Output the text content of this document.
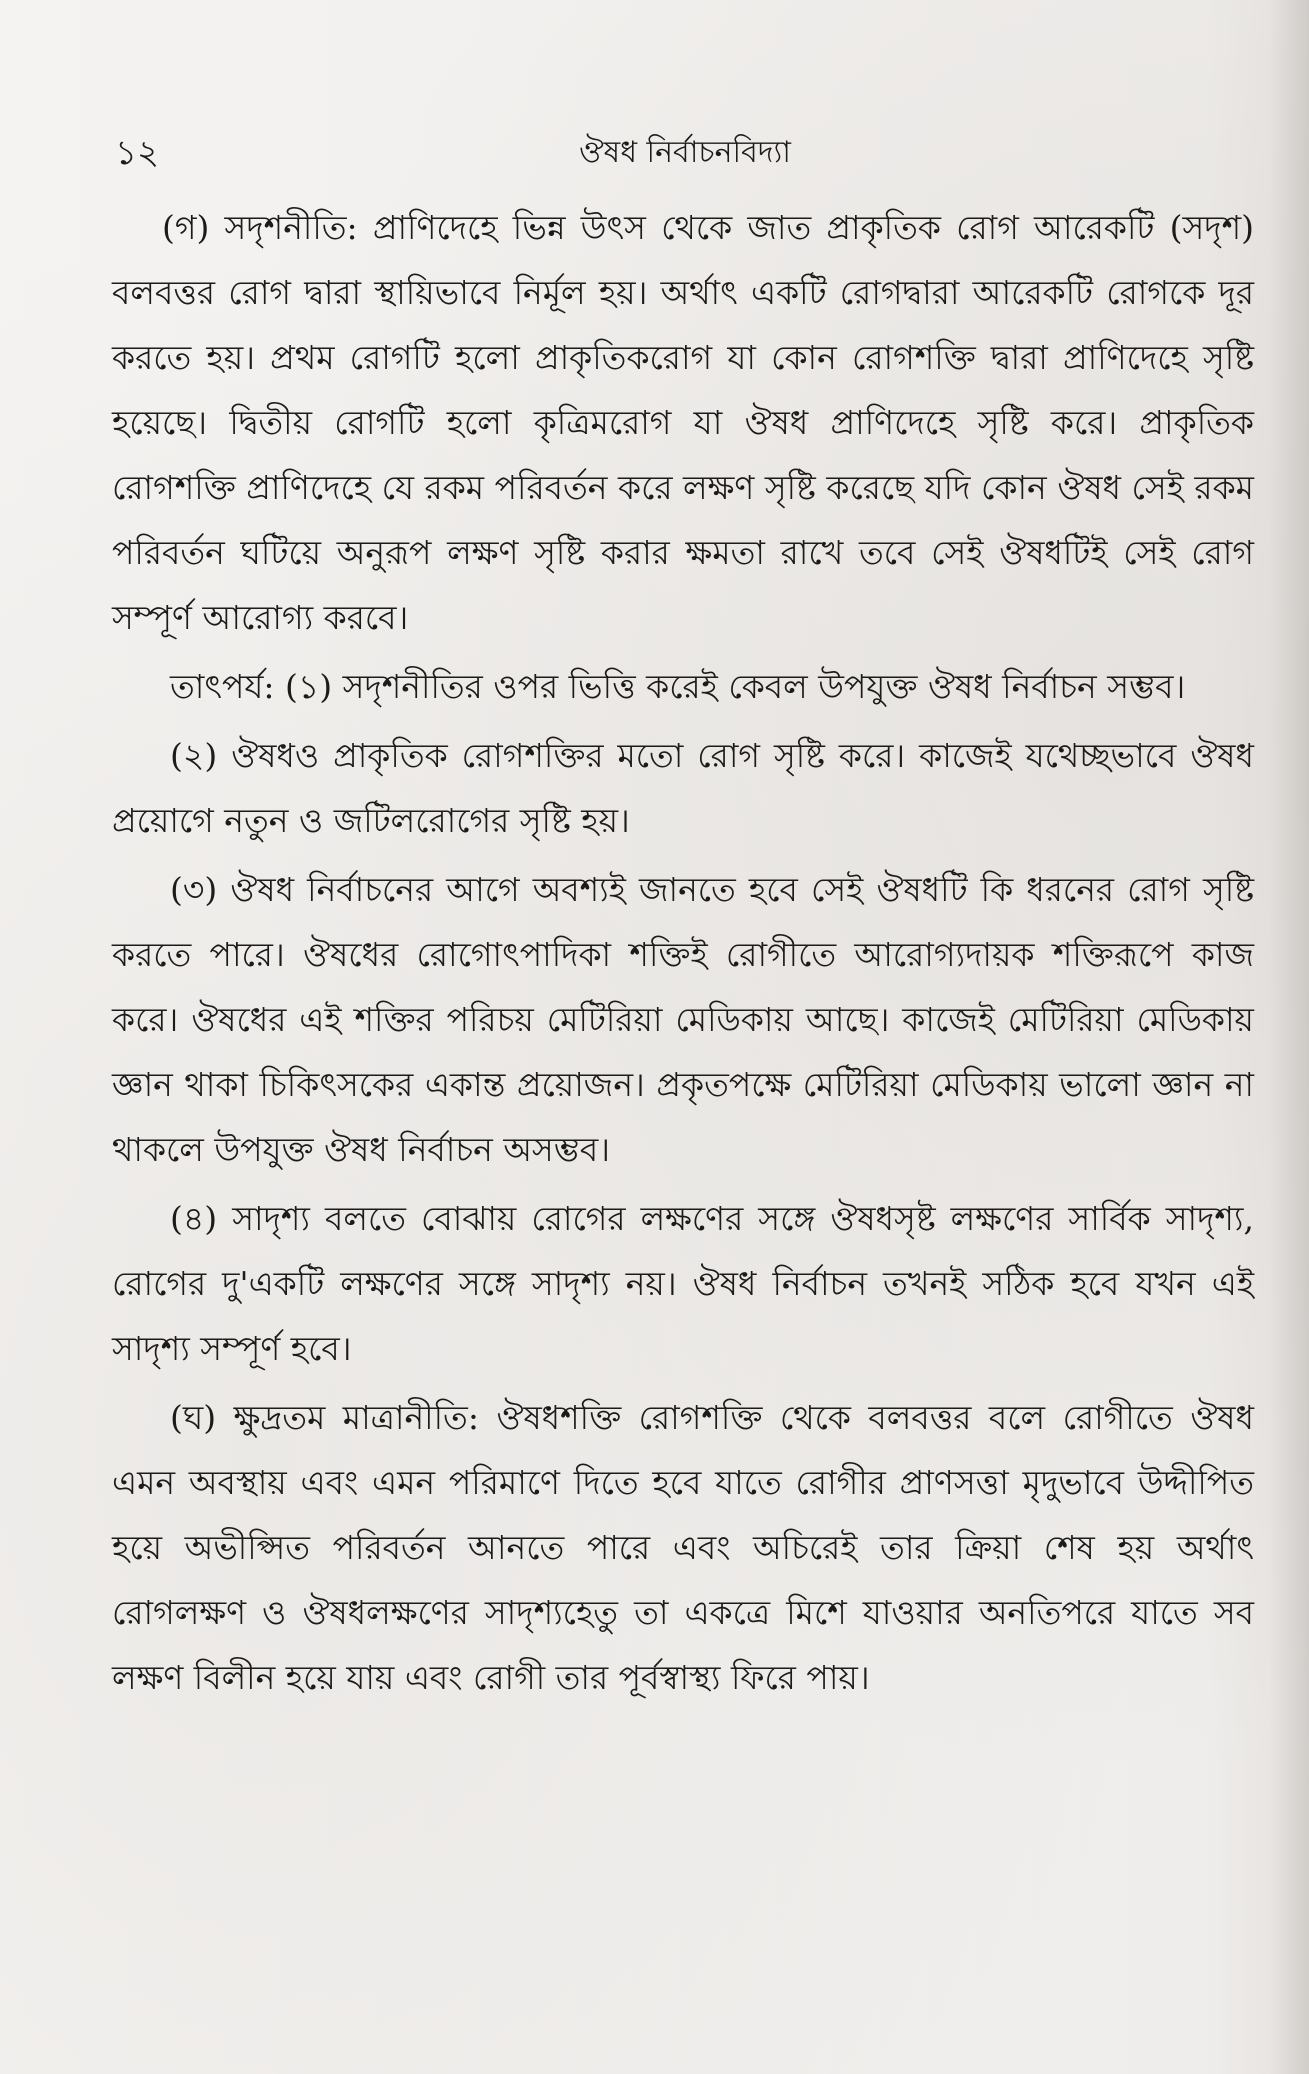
১২	ঔষধ নির্বাচনবিদ্যা

(গ) সদৃশনীতি: প্রাণিদেহে ভিন্ন উৎস থেকে জাত প্রাকৃতিক রোগ আরেকটি (সদৃশ) বলবত্তর রোগ দ্বারা স্থায়িভাবে নির্মূল হয়। অর্থাৎ একটি রোগদ্বারা আরেকটি রোগকে দূর করতে হয়। প্রথম রোগটি হলো প্রাকৃতিকরোগ যা কোন রোগশক্তি দ্বারা প্রাণিদেহে সৃষ্টি হয়েছে। দ্বিতীয় রোগটি হলো কৃত্রিমরোগ যা ঔষধ প্রাণিদেহে সৃষ্টি করে। প্রাকৃতিক রোগশক্তি প্রাণিদেহে যে রকম পরিবর্তন করে লক্ষণ সৃষ্টি করেছে যদি কোন ঔষধ সেই রকম পরিবর্তন ঘটিয়ে অনুরূপ লক্ষণ সৃষ্টি করার ক্ষমতা রাখে তবে সেই ঔষধটিই সেই রোগ সম্পূর্ণ আরোগ্য করবে।

তাৎপর্য: (১) সদৃশনীতির ওপর ভিত্তি করেই কেবল উপযুক্ত ঔষধ নির্বাচন সম্ভব।

(২) ঔষধও প্রাকৃতিক রোগশক্তির মতো রোগ সৃষ্টি করে। কাজেই যথেচ্ছভাবে ঔষধ প্রয়োগে নতুন ও জটিলরোগের সৃষ্টি হয়।

(৩) ঔষধ নির্বাচনের আগে অবশ্যই জানতে হবে সেই ঔষধটি কি ধরনের রোগ সৃষ্টি করতে পারে। ঔষধের রোগোৎপাদিকা শক্তিই রোগীতে আরোগ্যদায়ক শক্তিরূপে কাজ করে। ঔষধের এই শক্তির পরিচয় মেটিরিয়া মেডিকায় আছে। কাজেই মেটিরিয়া মেডিকায় জ্ঞান থাকা চিকিৎসকের একান্ত প্রয়োজন। প্রকৃতপক্ষে মেটিরিয়া মেডিকায় ভালো জ্ঞান না থাকলে উপযুক্ত ঔষধ নির্বাচন অসম্ভব।

(৪) সাদৃশ্য বলতে বোঝায় রোগের লক্ষণের সঙ্গে ঔষধসৃষ্ট লক্ষণের সার্বিক সাদৃশ্য, রোগের দু'একটি লক্ষণের সঙ্গে সাদৃশ্য নয়। ঔষধ নির্বাচন তখনই সঠিক হবে যখন এই সাদৃশ্য সম্পূর্ণ হবে।

(ঘ) ক্ষুদ্রতম মাত্রানীতি: ঔষধশক্তি রোগশক্তি থেকে বলবত্তর বলে রোগীতে ঔষধ এমন অবস্থায় এবং এমন পরিমাণে দিতে হবে যাতে রোগীর প্রাণসত্তা মৃদুভাবে উদ্দীপিত হয়ে অভীপ্সিত পরিবর্তন আনতে পারে এবং অচিরেই তার ক্রিয়া শেষ হয় অর্থাৎ রোগলক্ষণ ও ঔষধলক্ষণের সাদৃশ্যহেতু তা একত্রে মিশে যাওয়ার অনতিপরে যাতে সব লক্ষণ বিলীন হয়ে যায় এবং রোগী তার পূর্বস্বাস্থ্য ফিরে পায়।
